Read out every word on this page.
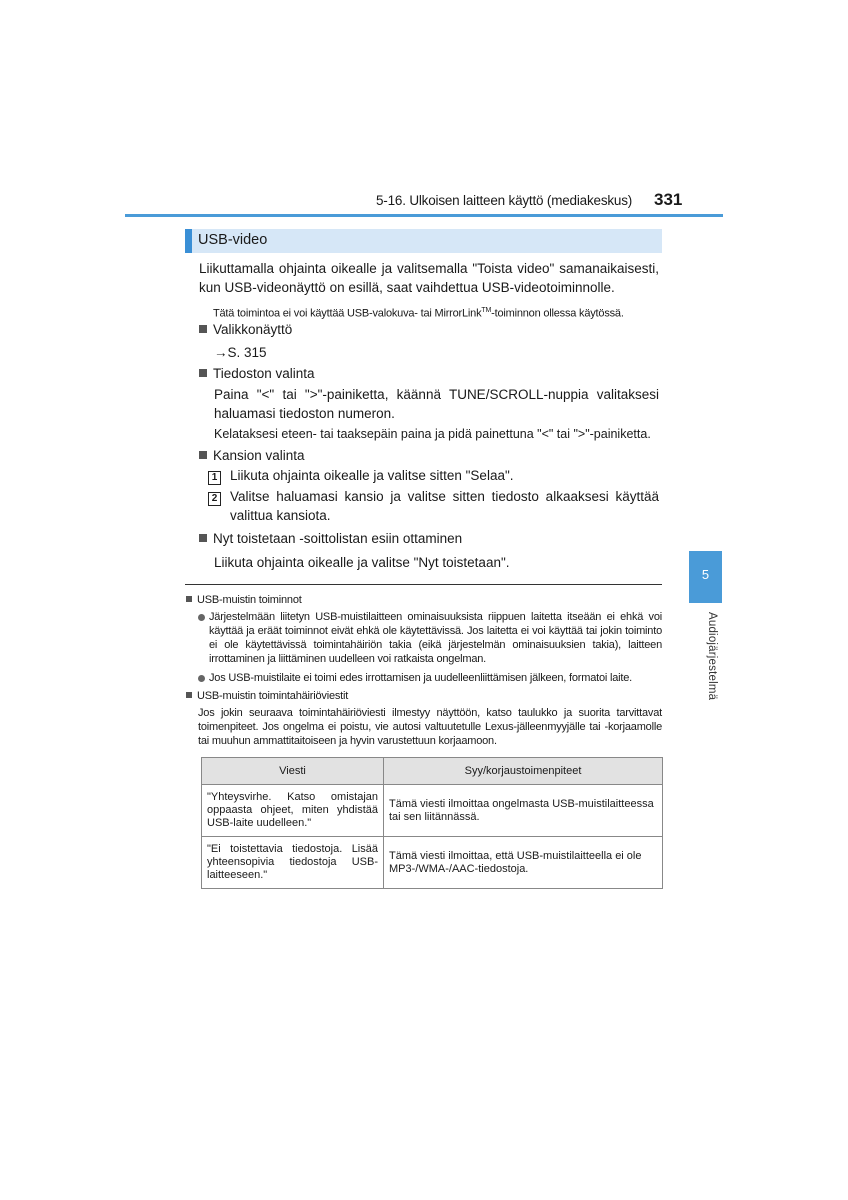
5-16. Ulkoisen laitteen käyttö (mediakeskus) 331
5
Audiojärjestelmä
USB-video
Liikuttamalla ohjainta oikealle ja valitsemalla "Toista video" samanaikaisesti, kun USB-videonäyttö on esillä, saat vaihdettua USB-videotoiminnolle.
Tätä toimintoa ei voi käyttää USB-valokuva- tai MirrorLink™-toiminnon ollessa käytössä.
Valikkonäyttö
→S. 315
Tiedoston valinta
Paina "<" tai ">"-painiketta, käännä TUNE/SCROLL-nuppia valitaksesi haluamasi tiedoston numeron.
Kelataksesi eteen- tai taaksepäin paina ja pidä painettuna "<" tai ">"-painiketta.
Kansion valinta
1 Liikuta ohjainta oikealle ja valitse sitten "Selaa".
2 Valitse haluamasi kansio ja valitse sitten tiedosto alkaaksesi käyttää valittua kansiota.
Nyt toistetaan -soittolistan esiin ottaminen
Liikuta ohjainta oikealle ja valitse "Nyt toistetaan".
USB-muistin toiminnot
Järjestelmään liitetyn USB-muistilaitteen ominaisuuksista riippuen laitetta itseään ei ehkä voi käyttää ja eräät toiminnot eivät ehkä ole käytettävissä. Jos laitetta ei voi käyttää tai jokin toiminto ei ole käytettävissä toimintahäiriön takia (eikä järjestelmän ominaisuuksien takia), laitteen irrottaminen ja liittäminen uudelleen voi ratkaista ongelman.
Jos USB-muistilaite ei toimi edes irrottamisen ja uudelleenliittämisen jälkeen, formatoi laite.
USB-muistin toimintahäiriöviestit
Jos jokin seuraava toimintahäiriöviesti ilmestyy näyttöön, katso taulukko ja suorita tarvittavat toimenpiteet. Jos ongelma ei poistu, vie autosi valtuutetulle Lexus-jälleenmyyjälle tai -korjaamolle tai muuhun ammattitaitoiseen ja hyvin varustettuun korjaamoon.
Viesti	Syy/korjaustoimenpiteet
"Yhteysvirhe. Katso omistajan oppaasta ohjeet, miten yhdistää USB-laite uudelleen."	Tämä viesti ilmoittaa ongelmasta USB-muistilaitteessa tai sen liitännässä.
"Ei toistettavia tiedostoja. Lisää yhteensopivia tiedostoja USB-laitteeseen."	Tämä viesti ilmoittaa, että USB-muistilaitteella ei ole MP3-/WMA-/AAC-tiedostoja.
